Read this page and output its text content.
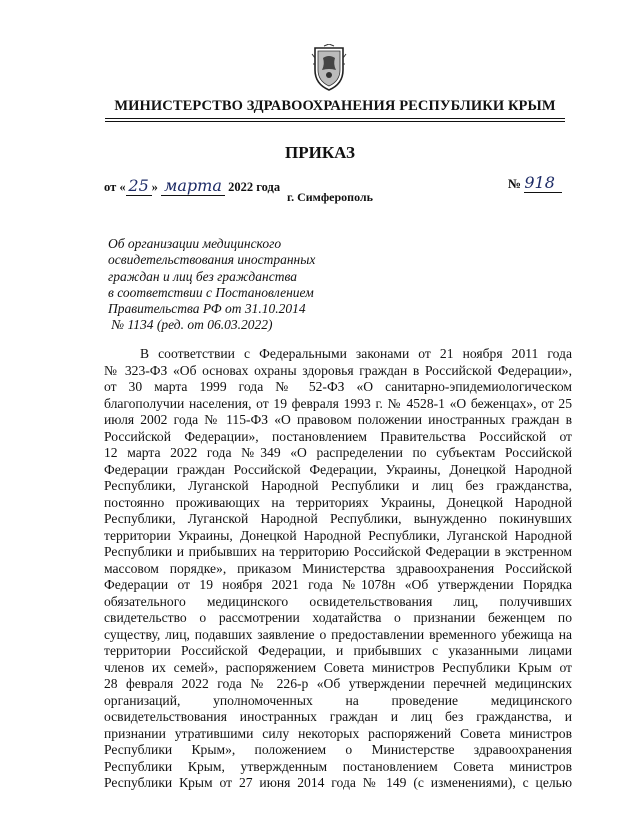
МИНИСТЕРСТВО ЗДРАВООХРАНЕНИЯ РЕСПУБЛИКИ КРЫМ
ПРИКАЗ
от « 25 » марта 2022 года
г. Симферополь
№ 918
Об организации медицинского
освидетельствования иностранных
граждан и лиц без гражданства
в соответствии с Постановлением
Правительства РФ от 31.10.2014
№ 1134 (ред. от 06.03.2022)
В соответствии с Федеральными законами от 21 ноября 2011 года
№ 323-ФЗ «Об основах охраны здоровья граждан в Российской Федерации»,
от 30 марта 1999 года № 52-ФЗ «О санитарно-эпидемиологическом
благополучии населения, от 19 февраля 1993 г. № 4528-1 «О беженцах», от 25
июля 2002 года № 115-ФЗ «О правовом положении иностранных граждан в
Российской Федерации», постановлением Правительства Российской от
12 марта 2022 года №349 «О распределении по субъектам Российской
Федерации граждан Российской Федерации, Украины, Донецкой Народной
Республики, Луганской Народной Республики и лиц без гражданства,
постоянно проживающих на территориях Украины, Донецкой Народной
Республики, Луганской Народной Республики, вынужденно покинувших
территории Украины, Донецкой Народной Республики, Луганской Народной
Республики и прибывших на территорию Российской Федерации в экстренном
массовом порядке», приказом Министерства здравоохранения Российской
Федерации от 19 ноября 2021 года №1078н «Об утверждении Порядка
обязательного медицинского освидетельствования лиц, получивших
свидетельство о рассмотрении ходатайства о признании беженцем по
существу, лиц, подавших заявление о предоставлении временного убежища на
территории Российской Федерации, и прибывших с указанными лицами
членов их семей», распоряжением Совета министров Республики Крым от
28 февраля 2022 года № 226-р «Об утверждении перечней медицинских
организаций, уполномоченных на проведение медицинского
освидетельствования иностранных граждан и лиц без гражданства, и
признании утратившими силу некоторых распоряжений Совета министров
Республики Крым», положением о Министерстве здравоохранения
Республики Крым, утвержденным постановлением Совета министров
Республики Крым от 27 июня 2014 года № 149 (с изменениями), с целью
